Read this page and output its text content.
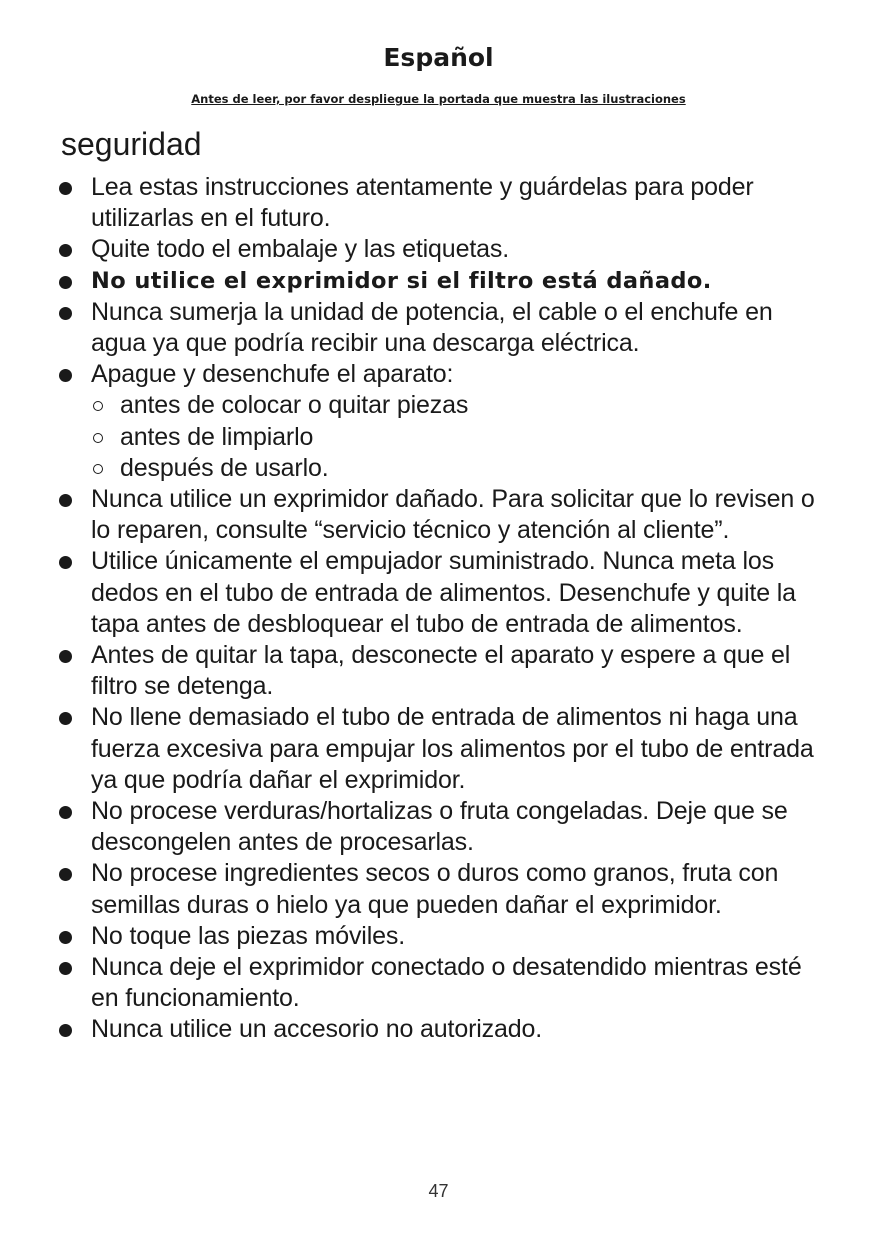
Español

Antes de leer, por favor despliegue la portada que muestra las ilustraciones

seguridad
Lea estas instrucciones atentamente y guárdelas para poder utilizarlas en el futuro.
Quite todo el embalaje y las etiquetas.
No utilice el exprimidor si el filtro está dañado.
Nunca sumerja la unidad de potencia, el cable o el enchufe en agua ya que podría recibir una descarga eléctrica.
Apague y desenchufe el aparato:
antes de colocar o quitar piezas
antes de limpiarlo
después de usarlo.
Nunca utilice un exprimidor dañado. Para solicitar que lo revisen o lo reparen, consulte “servicio técnico y atención al cliente”.
Utilice únicamente el empujador suministrado. Nunca meta los dedos en el tubo de entrada de alimentos. Desenchufe y quite la tapa antes de desbloquear el tubo de entrada de alimentos.
Antes de quitar la tapa, desconecte el aparato y espere a que el filtro se detenga.
No llene demasiado el tubo de entrada de alimentos ni haga una fuerza excesiva para empujar los alimentos por el tubo de entrada ya que podría dañar el exprimidor.
No procese verduras/hortalizas o fruta congeladas. Deje que se descongelen antes de procesarlas.
No procese ingredientes secos o duros como granos, fruta con semillas duras o hielo ya que pueden dañar el exprimidor.
No toque las piezas móviles.
Nunca deje el exprimidor conectado o desatendido mientras esté en funcionamiento.
Nunca utilice un accesorio no autorizado.
47
